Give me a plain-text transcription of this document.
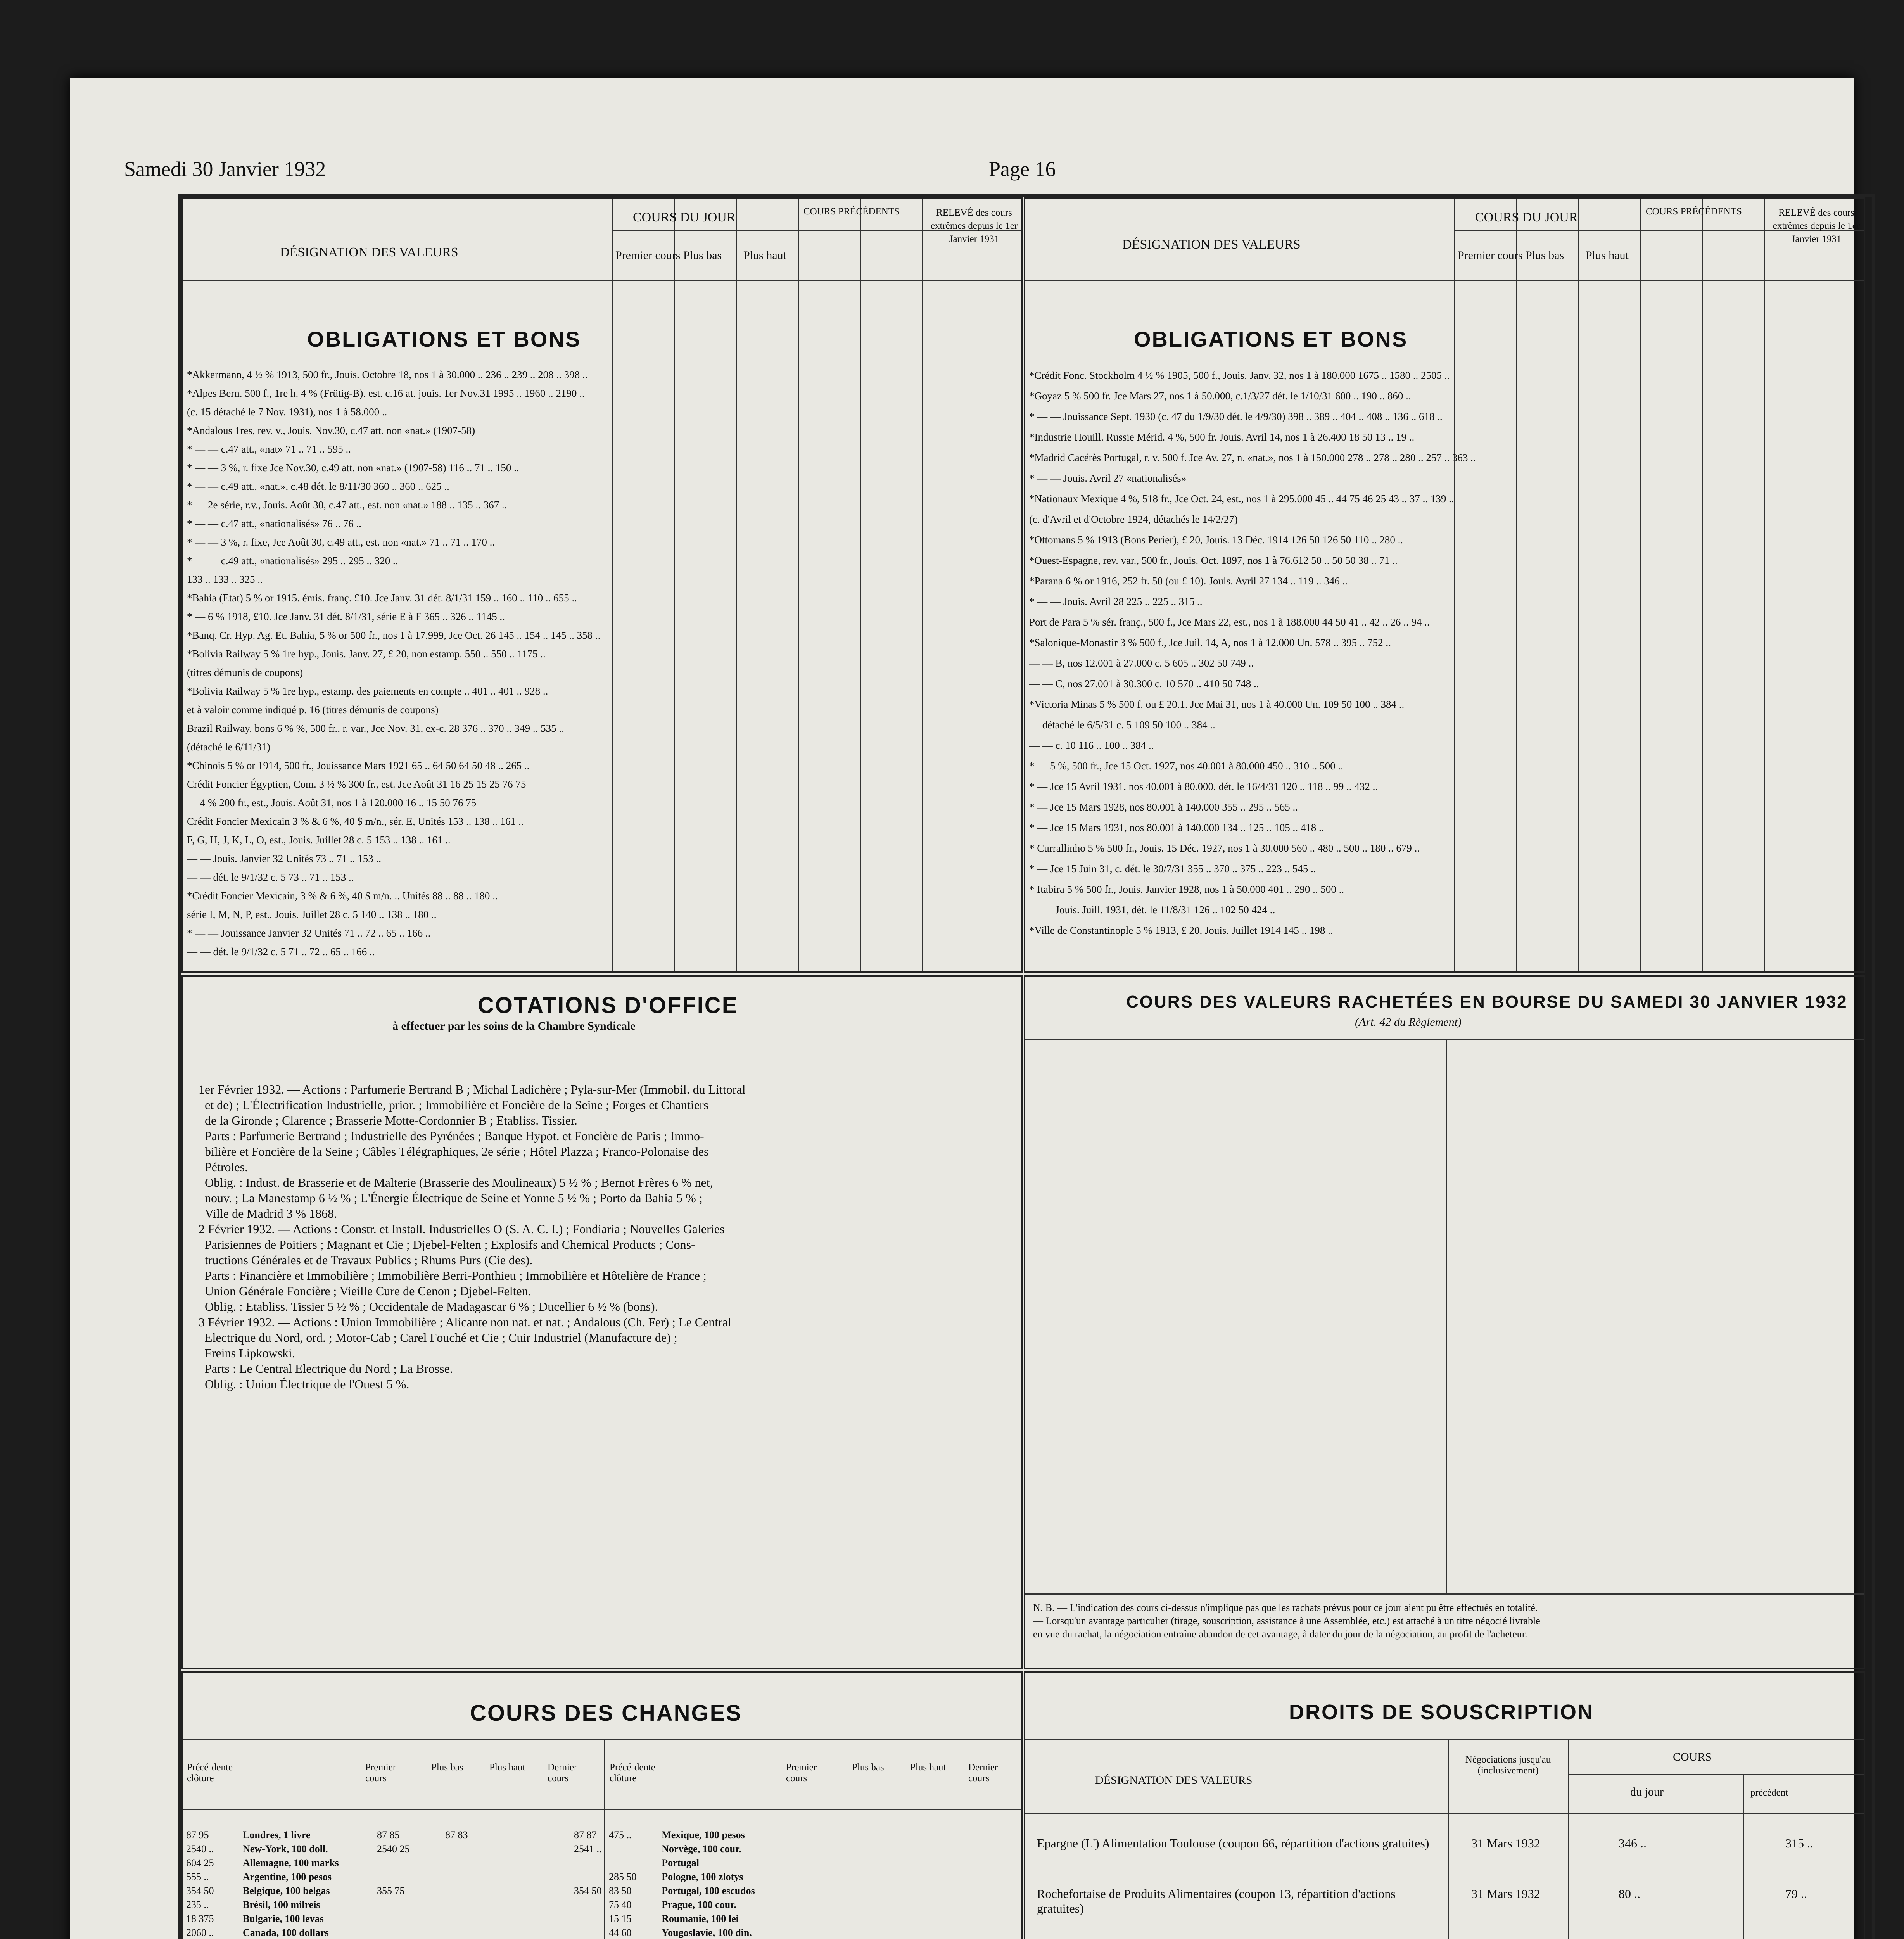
Samedi 30 Janvier 1932	Page 16
DÉSIGNATION DES VALEURS
COURS DU JOUR
Premier cours Plus bas Plus haut
COURS PRÉCÉDENTS	RELEVÉ des cours extrêmes depuis le 1er Janvier 1931
OBLIGATIONS ET BONS
*Akkermann, 4 ½ % 1913, 500 fr., Jouis. Octobre 18, nos 1 à 30.000 .. 236 .. 239 .. 208 .. 398 ..
*Alpes Bern. 500 f., 1re h. 4 % (Frütig-B). est. c.16 at. jouis. 1er Nov.31 1995 .. 1960 .. 2190 ..
(c. 15 détaché le 7 Nov. 1931), nos 1 à 58.000 ..
*Andalous 1res, rev. v., Jouis. Nov.30, c.47 att. non «nat.» (1907-58)
* — — c.47 att., «nat» 71 .. 71 .. 595 ..
* — — 3 %, r. fixe Jce Nov.30, c.49 att. non «nat.» (1907-58) 116 .. 71 .. 150 ..
* — — c.49 att., «nat.», c.48 dét. le 8/11/30 360 .. 360 .. 625 ..
* — 2e série, r.v., Jouis. Août 30, c.47 att., est. non «nat.» 188 .. 135 .. 367 ..
* — — c.47 att., «nationalisés» 76 .. 76 ..
* — — 3 %, r. fixe, Jce Août 30, c.49 att., est. non «nat.» 71 .. 71 .. 170 ..
* — — c.49 att., «nationalisés» 295 .. 295 .. 320 ..
133 .. 133 .. 325 ..
*Bahia (Etat) 5 % or 1915. émis. franç. £10. Jce Janv. 31 dét. 8/1/31 159 .. 160 .. 110 .. 655 ..
* — 6 % 1918, £10. Jce Janv. 31 dét. 8/1/31, série E à F 365 .. 326 .. 1145 ..
*Banq. Cr. Hyp. Ag. Et. Bahia, 5 % or 500 fr., nos 1 à 17.999, Jce Oct. 26 145 .. 154 .. 145 .. 358 ..
*Bolivia Railway 5 % 1re hyp., Jouis. Janv. 27, £ 20, non estamp. 550 .. 550 .. 1175 ..
(titres démunis de coupons)
*Bolivia Railway 5 % 1re hyp., estamp. des paiements en compte .. 401 .. 401 .. 928 ..
et à valoir comme indiqué p. 16 (titres démunis de coupons)
Brazil Railway, bons 6 % %, 500 fr., r. var., Jce Nov. 31, ex-c. 28 376 .. 370 .. 349 .. 535 ..
(détaché le 6/11/31)
*Chinois 5 % or 1914, 500 fr., Jouissance Mars 1921 65 .. 64 50 64 50 48 .. 265 ..
Crédit Foncier Égyptien, Com. 3 ½ % 300 fr., est. Jce Août 31 16 25 15 25 76 75
— 4 % 200 fr., est., Jouis. Août 31, nos 1 à 120.000 16 .. 15 50 76 75
Crédit Foncier Mexicain 3 % & 6 %, 40 $ m/n., sér. E, Unités 153 .. 138 .. 161 ..
F, G, H, J, K, L, O, est., Jouis. Juillet 28 c. 5 153 .. 138 .. 161 ..
— — Jouis. Janvier 32 Unités 73 .. 71 .. 153 ..
— — dét. le 9/1/32 c. 5 73 .. 71 .. 153 ..
*Crédit Foncier Mexicain, 3 % & 6 %, 40 $ m/n. .. Unités 88 .. 88 .. 180 ..
série I, M, N, P, est., Jouis. Juillet 28 c. 5 140 .. 138 .. 180 ..
* — — Jouissance Janvier 32 Unités 71 .. 72 .. 65 .. 166 ..
— — dét. le 9/1/32 c. 5 71 .. 72 .. 65 .. 166 ..
DÉSIGNATION DES VALEURS
COURS DU JOUR
Premier cours Plus bas Plus haut
COURS PRÉCÉDENTS	RELEVÉ des cours extrêmes depuis le 1er Janvier 1931
OBLIGATIONS ET BONS
*Crédit Fonc. Stockholm 4 ½ % 1905, 500 f., Jouis. Janv. 32, nos 1 à 180.000 1675 .. 1580 .. 2505 ..
*Goyaz 5 % 500 fr. Jce Mars 27, nos 1 à 50.000, c.1/3/27 dét. le 1/10/31 600 .. 190 .. 860 ..
* — — Jouissance Sept. 1930 (c. 47 du 1/9/30 dét. le 4/9/30) 398 .. 389 .. 404 .. 408 .. 136 .. 618 ..
*Industrie Houill. Russie Mérid. 4 %, 500 fr. Jouis. Avril 14, nos 1 à 26.400 18 50 13 .. 19 ..
*Madrid Cacérès Portugal, r. v. 500 f. Jce Av. 27, n. «nat.», nos 1 à 150.000 278 .. 278 .. 280 .. 257 .. 363 ..
* — — Jouis. Avril 27 «nationalisés»
*Nationaux Mexique 4 %, 518 fr., Jce Oct. 24, est., nos 1 à 295.000 45 .. 44 75 46 25 43 .. 37 .. 139 ..
(c. d'Avril et d'Octobre 1924, détachés le 14/2/27)
*Ottomans 5 % 1913 (Bons Perier), £ 20, Jouis. 13 Déc. 1914 126 50 126 50 110 .. 280 ..
*Ouest-Espagne, rev. var., 500 fr., Jouis. Oct. 1897, nos 1 à 76.612 50 .. 50 50 38 .. 71 ..
*Parana 6 % or 1916, 252 fr. 50 (ou £ 10). Jouis. Avril 27 134 .. 119 .. 346 ..
* — — Jouis. Avril 28 225 .. 225 .. 315 ..
Port de Para 5 % sér. franç., 500 f., Jce Mars 22, est., nos 1 à 188.000 44 50 41 .. 42 .. 26 .. 94 ..
*Salonique-Monastir 3 % 500 f., Jce Juil. 14, A, nos 1 à 12.000 Un. 578 .. 395 .. 752 ..
— — B, nos 12.001 à 27.000 c. 5 605 .. 302 50 749 ..
— — C, nos 27.001 à 30.300 c. 10 570 .. 410 50 748 ..
*Victoria Minas 5 % 500 f. ou £ 20.1. Jce Mai 31, nos 1 à 40.000 Un. 109 50 100 .. 384 ..
— détaché le 6/5/31 c. 5 109 50 100 .. 384 ..
— — c. 10 116 .. 100 .. 384 ..
* — 5 %, 500 fr., Jce 15 Oct. 1927, nos 40.001 à 80.000 450 .. 310 .. 500 ..
* — Jce 15 Avril 1931, nos 40.001 à 80.000, dét. le 16/4/31 120 .. 118 .. 99 .. 432 ..
* — Jce 15 Mars 1928, nos 80.001 à 140.000 355 .. 295 .. 565 ..
* — Jce 15 Mars 1931, nos 80.001 à 140.000 134 .. 125 .. 105 .. 418 ..
* Currallinho 5 % 500 fr., Jouis. 15 Déc. 1927, nos 1 à 30.000 560 .. 480 .. 500 .. 180 .. 679 ..
* — Jce 15 Juin 31, c. dét. le 30/7/31 355 .. 370 .. 375 .. 223 .. 545 ..
* Itabira 5 % 500 fr., Jouis. Janvier 1928, nos 1 à 50.000 401 .. 290 .. 500 ..
— — Jouis. Juill. 1931, dét. le 11/8/31 126 .. 102 50 424 ..
*Ville de Constantinople 5 % 1913, £ 20, Jouis. Juillet 1914 145 .. 198 ..
COTATIONS D'OFFICE
à effectuer par les soins de la Chambre Syndicale
1er Février 1932. — Actions : Parfumerie Bertrand B ; Michal Ladichère ; Pyla-sur-Mer (Immobil. du Littoral
et de) ; L'Électrification Industrielle, prior. ; Immobilière et Foncière de la Seine ; Forges et Chantiers
de la Gironde ; Clarence ; Brasserie Motte-Cordonnier B ; Etabliss. Tissier.
Parts : Parfumerie Bertrand ; Industrielle des Pyrénées ; Banque Hypot. et Foncière de Paris ; Immo-
bilière et Foncière de la Seine ; Câbles Télégraphiques, 2e série ; Hôtel Plazza ; Franco-Polonaise des
Pétroles.
Oblig. : Indust. de Brasserie et de Malterie (Brasserie des Moulineaux) 5 ½ % ; Bernot Frères 6 % net,
nouv. ; La Manestamp 6 ½ % ; L'Énergie Électrique de Seine et Yonne 5 ½ % ; Porto da Bahia 5 % ;
Ville de Madrid 3 % 1868.
2 Février 1932. — Actions : Constr. et Install. Industrielles O (S. A. C. I.) ; Fondiaria ; Nouvelles Galeries
Parisiennes de Poitiers ; Magnant et Cie ; Djebel-Felten ; Explosifs and Chemical Products ; Cons-
tructions Générales et de Travaux Publics ; Rhums Purs (Cie des).
Parts : Financière et Immobilière ; Immobilière Berri-Ponthieu ; Immobilière et Hôtelière de France ;
Union Générale Foncière ; Vieille Cure de Cenon ; Djebel-Felten.
Oblig. : Etabliss. Tissier 5 ½ % ; Occidentale de Madagascar 6 % ; Ducellier 6 ½ % (bons).
3 Février 1932. — Actions : Union Immobilière ; Alicante non nat. et nat. ; Andalous (Ch. Fer) ; Le Central
Electrique du Nord, ord. ; Motor-Cab ; Carel Fouché et Cie ; Cuir Industriel (Manufacture de) ;
Freins Lipkowski.
Parts : Le Central Electrique du Nord ; La Brosse.
Oblig. : Union Électrique de l'Ouest 5 %.
COURS DES VALEURS RACHETÉES EN BOURSE DU SAMEDI 30 JANVIER 1932
(Art. 42 du Règlement)
N. B. — L'indication des cours ci-dessus n'implique pas que les rachats prévus pour ce jour aient pu être effectués en totalité.
— Lorsqu'un avantage particulier (tirage, souscription, assistance à une Assemblée, etc.) est attaché à un titre négocié livrable
en vue du rachat, la négociation entraîne abandon de cet avantage, à dater du jour de la négociation, au profit de l'acheteur.
COURS DES CHANGES
Précé-dente clôture
Premier cours
Plus bas	Plus haut	Dernier cours
Précé-dente clôture
Premier cours
Plus bas	Plus haut	Dernier cours
87 95	Londres, 1 livre	87 85	87 83		87 87
2540 ..	New-York, 100 doll.	2540 25			2541 ..
604 25	Allemagne, 100 marks				
555 ..	Argentine, 100 pesos				
354 50	Belgique, 100 belgas	355 75			354 50
235 ..	Brésil, 100 milreis				
18 375	Bulgarie, 100 levas				
2060 ..	Canada, 100 dollars				

475 ..	Mexique, 100 pesos				
	Norvège, 100 cour.				
	Portugal				
285 50	Pologne, 100 zlotys				
83 50	Portugal, 100 escudos				
75 40	Prague, 100 cour.				
15 15	Roumanie, 100 lei				
44 60	Yougoslavie, 100 din.				

DROITS DE SOUSCRIPTION
DÉSIGNATION DES VALEURS
Négociations jusqu'au (inclusivement)
COURS
du jour	précédent
Epargne (L') Alimentation Toulouse (coupon 66, répartition d'actions gratuites)	31 Mars 1932	346 ..	315 ..
Rochefortaise de Produits Alimentaires (coupon 13, répartition d'actions gratuites)
31 Mars 1932	80 ..	79 ..
